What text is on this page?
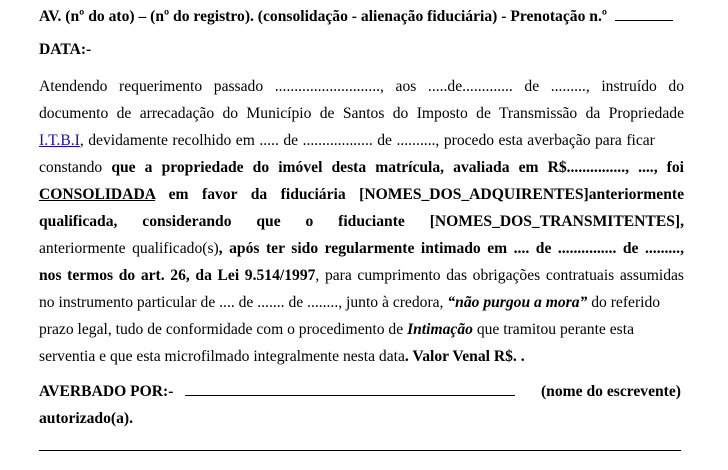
AV. (nº do ato) – (nº do registro). (consolidação - alienação fiduciária) - Prenotação n.º
DATA:-
Atendendo requerimento passado ..........................., aos .....de............. de ........., instruído do
documento de arrecadação do Município de Santos do Imposto de Transmissão da Propriedade
I.T.B.I, devidamente recolhido em ..... de .................. de .........., procedo esta averbação para ficar
constando que a propriedade do imóvel desta matrícula, avaliada em R$..............., ...., foi
CONSOLIDADA em favor da fiduciária [NOMES_DOS_ADQUIRENTES]anteriormente
qualificada, considerando que o fiduciante [NOMES_DOS_TRANSMITENTES],
anteriormente qualificado(s), após ter sido regularmente intimado em .... de ............... de .........,
nos termos do art. 26, da Lei 9.514/1997, para cumprimento das obrigações contratuais assumidas
no instrumento particular de .... de ....... de ........, junto à credora, “não purgou a mora” do referido
prazo legal, tudo de conformidade com o procedimento de Intimação que tramitou perante esta
serventia e que esta microfilmado integralmente nesta data. Valor Venal R$. .
AVERBADO POR:-	(nome do escrevente)
autorizado(a).
